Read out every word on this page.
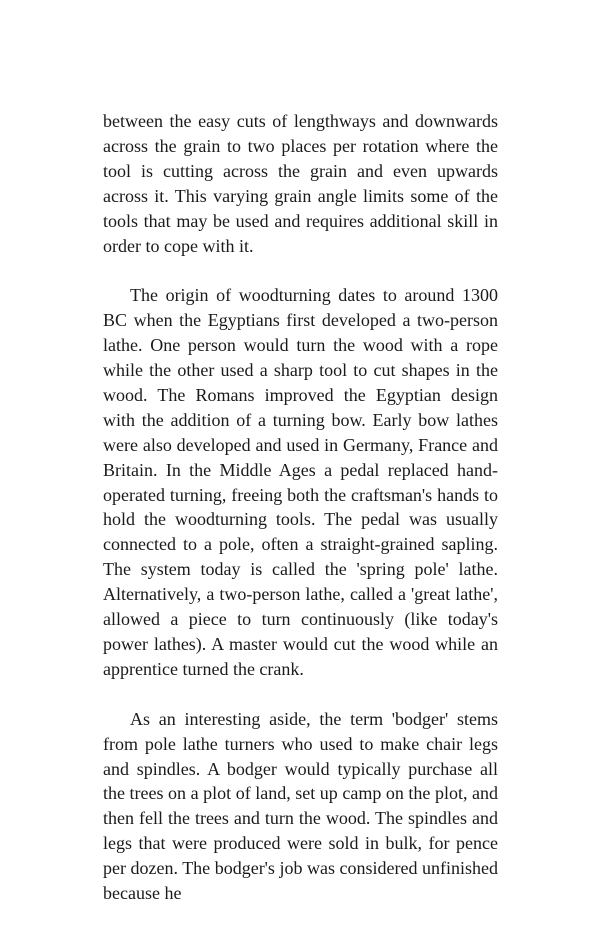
between the easy cuts of lengthways and downwards across the grain to two places per rotation where the tool is cutting across the grain and even upwards across it. This varying grain angle limits some of the tools that may be used and requires additional skill in order to cope with it.

The origin of woodturning dates to around 1300 BC when the Egyptians first developed a two-person lathe. One person would turn the wood with a rope while the other used a sharp tool to cut shapes in the wood. The Romans improved the Egyptian design with the addition of a turning bow. Early bow lathes were also developed and used in Germany, France and Britain. In the Middle Ages a pedal replaced hand-operated turning, freeing both the craftsman's hands to hold the woodturning tools. The pedal was usually connected to a pole, often a straight-grained sapling. The system today is called the 'spring pole' lathe. Alternatively, a two-person lathe, called a 'great lathe', allowed a piece to turn continuously (like today's power lathes). A master would cut the wood while an apprentice turned the crank.

As an interesting aside, the term 'bodger' stems from pole lathe turners who used to make chair legs and spindles. A bodger would typically purchase all the trees on a plot of land, set up camp on the plot, and then fell the trees and turn the wood. The spindles and legs that were produced were sold in bulk, for pence per dozen. The bodger's job was considered unfinished because he
